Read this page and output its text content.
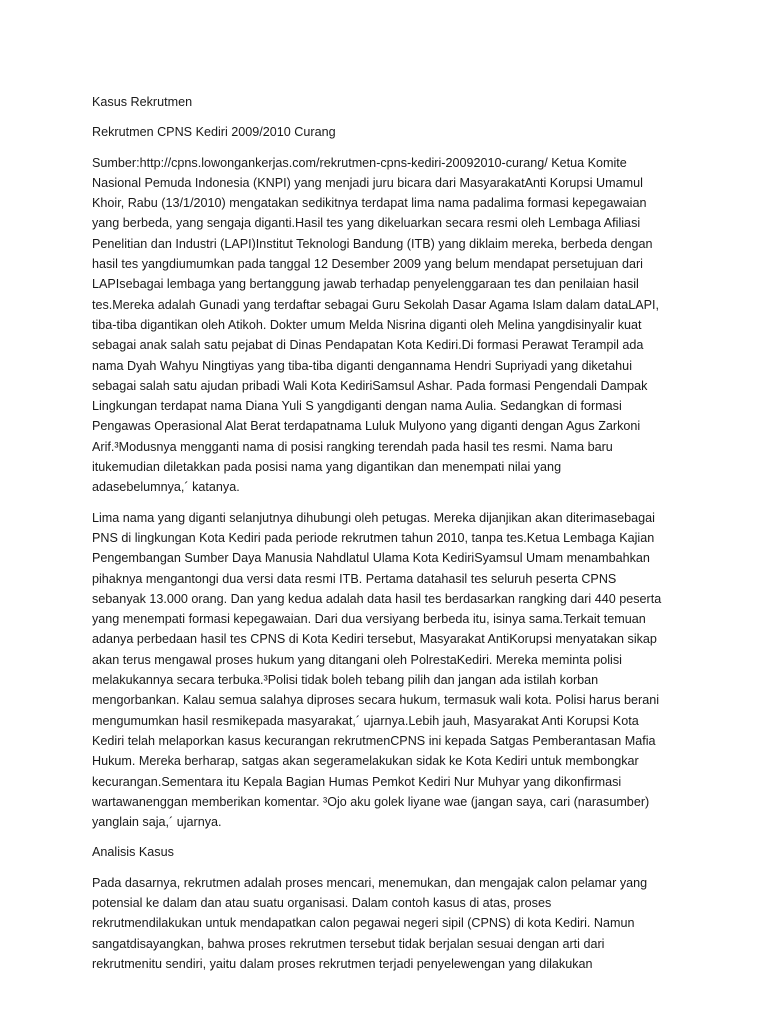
Kasus Rekrutmen

Rekrutmen CPNS Kediri 2009/2010 Curang

Sumber:http://cpns.lowongankerjas.com/rekrutmen-cpns-kediri-20092010-curang/ Ketua Komite
Nasional Pemuda Indonesia (KNPI) yang menjadi juru bicara dari MasyarakatAnti Korupsi Umamul
Khoir, Rabu (13/1/2010) mengatakan sedikitnya terdapat lima nama padalima formasi kepegawaian
yang berbeda, yang sengaja diganti.Hasil tes yang dikeluarkan secara resmi oleh Lembaga Afiliasi
Penelitian dan Industri (LAPI)Institut Teknologi Bandung (ITB) yang diklaim mereka, berbeda dengan
hasil tes yangdiumumkan pada tanggal 12 Desember 2009 yang belum mendapat persetujuan dari
LAPIsebagai lembaga yang bertanggung jawab terhadap penyelenggaraan tes dan penilaian hasil
tes.Mereka adalah Gunadi yang terdaftar sebagai Guru Sekolah Dasar Agama Islam dalam dataLAPI,
tiba-tiba digantikan oleh Atikoh. Dokter umum Melda Nisrina diganti oleh Melina yangdisinyalir kuat
sebagai anak salah satu pejabat di Dinas Pendapatan Kota Kediri.Di formasi Perawat Terampil ada
nama Dyah Wahyu Ningtiyas yang tiba-tiba diganti dengannama Hendri Supriyadi yang diketahui
sebagai salah satu ajudan pribadi Wali Kota KediriSamsul Ashar. Pada formasi Pengendali Dampak
Lingkungan terdapat nama Diana Yuli S yangdiganti dengan nama Aulia. Sedangkan di formasi
Pengawas Operasional Alat Berat terdapatnama Luluk Mulyono yang diganti dengan Agus Zarkoni
Arif.³Modusnya mengganti nama di posisi rangking terendah pada hasil tes resmi. Nama baru
itukemudian diletakkan pada posisi nama yang digantikan dan menempati nilai yang
adasebelumnya,´ katanya.

Lima nama yang diganti selanjutnya dihubungi oleh petugas. Mereka dijanjikan akan diterimasebagai
PNS di lingkungan Kota Kediri pada periode rekrutmen tahun 2010, tanpa tes.Ketua Lembaga Kajian
Pengembangan Sumber Daya Manusia Nahdlatul Ulama Kota KediriSyamsul Umam menambahkan
pihaknya mengantongi dua versi data resmi ITB. Pertama datahasil tes seluruh peserta CPNS
sebanyak 13.000 orang. Dan yang kedua adalah data hasil tes berdasarkan rangking dari 440 peserta
yang menempati formasi kepegawaian. Dari dua versiyang berbeda itu, isinya sama.Terkait temuan
adanya perbedaan hasil tes CPNS di Kota Kediri tersebut, Masyarakat AntiKorupsi menyatakan sikap
akan terus mengawal proses hukum yang ditangani oleh PolrestaKediri. Mereka meminta polisi
melakukannya secara terbuka.³Polisi tidak boleh tebang pilih dan jangan ada istilah korban
mengorbankan. Kalau semua salahya diproses secara hukum, termasuk wali kota. Polisi harus berani
mengumumkan hasil resmikepada masyarakat,´ ujarnya.Lebih jauh, Masyarakat Anti Korupsi Kota
Kediri telah melaporkan kasus kecurangan rekrutmenCPNS ini kepada Satgas Pemberantasan Mafia
Hukum. Mereka berharap, satgas akan segeramelakukan sidak ke Kota Kediri untuk membongkar
kecurangan.Sementara itu Kepala Bagian Humas Pemkot Kediri Nur Muhyar yang dikonfirmasi
wartawanenggan memberikan komentar. ³Ojo aku golek liyane wae (jangan saya, cari (narasumber)
yanglain saja,´ ujarnya.

Analisis Kasus

Pada dasarnya, rekrutmen adalah proses mencari, menemukan, dan mengajak calon pelamar yang
potensial ke dalam dan atau suatu organisasi. Dalam contoh kasus di atas, proses
rekrutmendilakukan untuk mendapatkan calon pegawai negeri sipil (CPNS) di kota Kediri. Namun
sangatdisayangkan, bahwa proses rekrutmen tersebut tidak berjalan sesuai dengan arti dari
rekrutmenitu sendiri, yaitu dalam proses rekrutmen terjadi penyelewengan yang dilakukan
